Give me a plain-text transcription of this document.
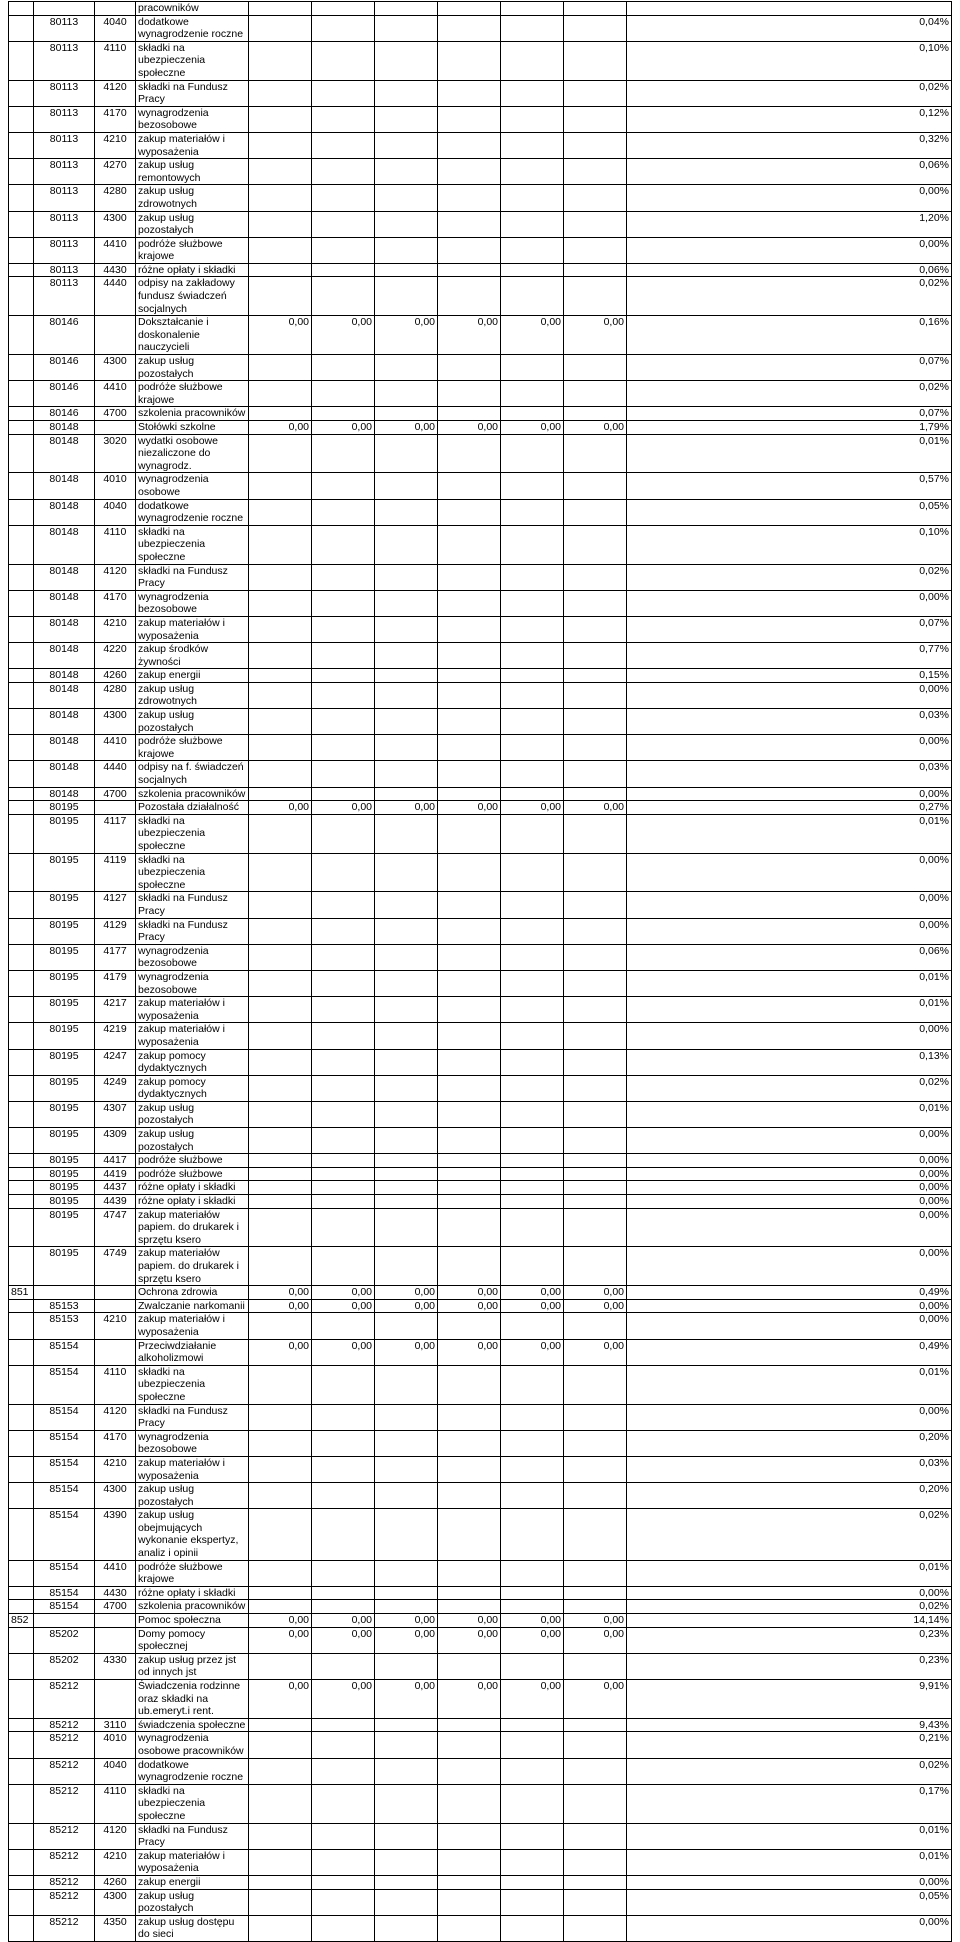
			pracowników							
	80113	4040	dodatkowe wynagrodzenie roczne							0,04%
	80113	4110	składki na ubezpieczenia społeczne							0,10%
	80113	4120	składki na Fundusz Pracy							0,02%
	80113	4170	wynagrodzenia bezosobowe							0,12%
	80113	4210	zakup materiałów i wyposażenia							0,32%
	80113	4270	zakup usług remontowych							0,06%
	80113	4280	zakup usług zdrowotnych							0,00%
	80113	4300	zakup usług pozostałych							1,20%
	80113	4410	podróże służbowe krajowe							0,00%
	80113	4430	różne opłaty i składki							0,06%
	80113	4440	odpisy na zakładowy fundusz świadczeń socjalnych							0,02%
	80146		Dokształcanie i doskonalenie nauczycieli	0,00	0,00	0,00	0,00	0,00	0,00	0,16%
	80146	4300	zakup usług pozostałych							0,07%
	80146	4410	podróże służbowe krajowe							0,02%
	80146	4700	szkolenia pracowników							0,07%
	80148		Stołówki szkolne	0,00	0,00	0,00	0,00	0,00	0,00	1,79%
	80148	3020	wydatki osobowe niezaliczone do wynagrodz.							0,01%
	80148	4010	wynagrodzenia osobowe							0,57%
	80148	4040	dodatkowe wynagrodzenie roczne							0,05%
	80148	4110	składki na ubezpieczenia społeczne							0,10%
	80148	4120	składki na Fundusz Pracy							0,02%
	80148	4170	wynagrodzenia bezosobowe							0,00%
	80148	4210	zakup materiałów i wyposażenia							0,07%
	80148	4220	zakup środków żywności							0,77%
	80148	4260	zakup energii							0,15%
	80148	4280	zakup usług zdrowotnych							0,00%
	80148	4300	zakup usług pozostałych							0,03%
	80148	4410	podróże służbowe krajowe							0,00%
	80148	4440	odpisy na f. świadczeń socjalnych							0,03%
	80148	4700	szkolenia pracowników							0,00%
	80195		Pozostała działalność	0,00	0,00	0,00	0,00	0,00	0,00	0,27%
	80195	4117	składki na ubezpieczenia społeczne							0,01%
	80195	4119	składki na ubezpieczenia społeczne							0,00%
	80195	4127	składki na Fundusz Pracy							0,00%
	80195	4129	składki na Fundusz Pracy							0,00%
	80195	4177	wynagrodzenia bezosobowe							0,06%
	80195	4179	wynagrodzenia bezosobowe							0,01%
	80195	4217	zakup materiałów i wyposażenia							0,01%
	80195	4219	zakup materiałów i wyposażenia							0,00%
	80195	4247	zakup pomocy dydaktycznych							0,13%
	80195	4249	zakup pomocy dydaktycznych							0,02%
	80195	4307	zakup usług pozostałych							0,01%
	80195	4309	zakup usług pozostałych							0,00%
	80195	4417	podróże służbowe							0,00%
	80195	4419	podróże służbowe							0,00%
	80195	4437	różne opłaty i składki							0,00%
	80195	4439	różne opłaty i składki							0,00%
	80195	4747	zakup materiałów papiem. do drukarek i sprzętu ksero							0,00%
	80195	4749	zakup materiałów papiem. do drukarek i sprzętu ksero							0,00%
851			Ochrona zdrowia	0,00	0,00	0,00	0,00	0,00	0,00	0,49%
	85153		Zwalczanie narkomanii	0,00	0,00	0,00	0,00	0,00	0,00	0,00%
	85153	4210	zakup materiałów i wyposażenia							0,00%
	85154		Przeciwdziałanie alkoholizmowi	0,00	0,00	0,00	0,00	0,00	0,00	0,49%
	85154	4110	składki na ubezpieczenia społeczne							0,01%
	85154	4120	składki na Fundusz Pracy							0,00%
	85154	4170	wynagrodzenia bezosobowe							0,20%
	85154	4210	zakup materiałów i wyposażenia							0,03%
	85154	4300	zakup usług pozostałych							0,20%
	85154	4390	zakup usług obejmujących wykonanie ekspertyz, analiz i opinii							0,02%
	85154	4410	podróże służbowe krajowe							0,01%
	85154	4430	różne opłaty i składki							0,00%
	85154	4700	szkolenia pracowników							0,02%
852			Pomoc społeczna	0,00	0,00	0,00	0,00	0,00	0,00	14,14%
	85202		Domy pomocy społecznej	0,00	0,00	0,00	0,00	0,00	0,00	0,23%
	85202	4330	zakup usług przez jst od innych jst							0,23%
	85212		Świadczenia rodzinne oraz składki na ub.emeryt.i rent.	0,00	0,00	0,00	0,00	0,00	0,00	9,91%
	85212	3110	świadczenia społeczne							9,43%
	85212	4010	wynagrodzenia osobowe pracowników							0,21%
	85212	4040	dodatkowe wynagrodzenie roczne							0,02%
	85212	4110	składki na ubezpieczenia społeczne							0,17%
	85212	4120	składki na Fundusz Pracy							0,01%
	85212	4210	zakup materiałów i wyposażenia							0,01%
	85212	4260	zakup energii							0,00%
	85212	4300	zakup usług pozostałych							0,05%
	85212	4350	zakup usług dostępu do sieci							0,00%
